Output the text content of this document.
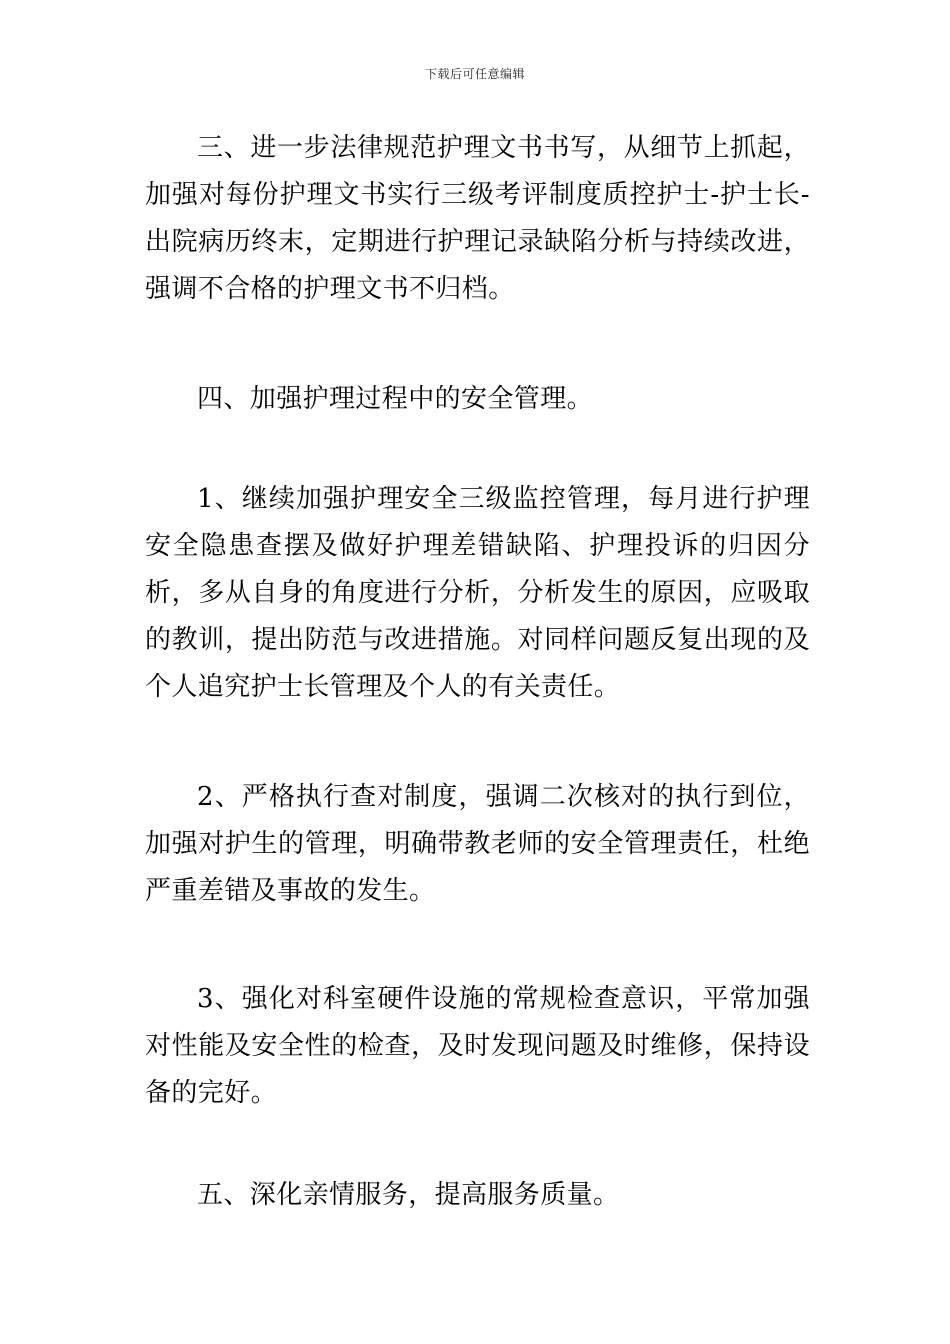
下载后可任意编辑

三、进一步法律规范护理文书书写，从细节上抓起，加强对每份护理文书实行三级考评制度质控护士-护士长-出院病历终末，定期进行护理记录缺陷分析与持续改进，强调不合格的护理文书不归档。

四、加强护理过程中的安全管理。

1、继续加强护理安全三级监控管理，每月进行护理安全隐患查摆及做好护理差错缺陷、护理投诉的归因分析，多从自身的角度进行分析，分析发生的原因，应吸取的教训，提出防范与改进措施。对同样问题反复出现的及个人追究护士长管理及个人的有关责任。

2、严格执行查对制度，强调二次核对的执行到位，加强对护生的管理，明确带教老师的安全管理责任，杜绝严重差错及事故的发生。

3、强化对科室硬件设施的常规检查意识，平常加强对性能及安全性的检查，及时发现问题及时维修，保持设备的完好。

五、深化亲情服务，提高服务质量。
